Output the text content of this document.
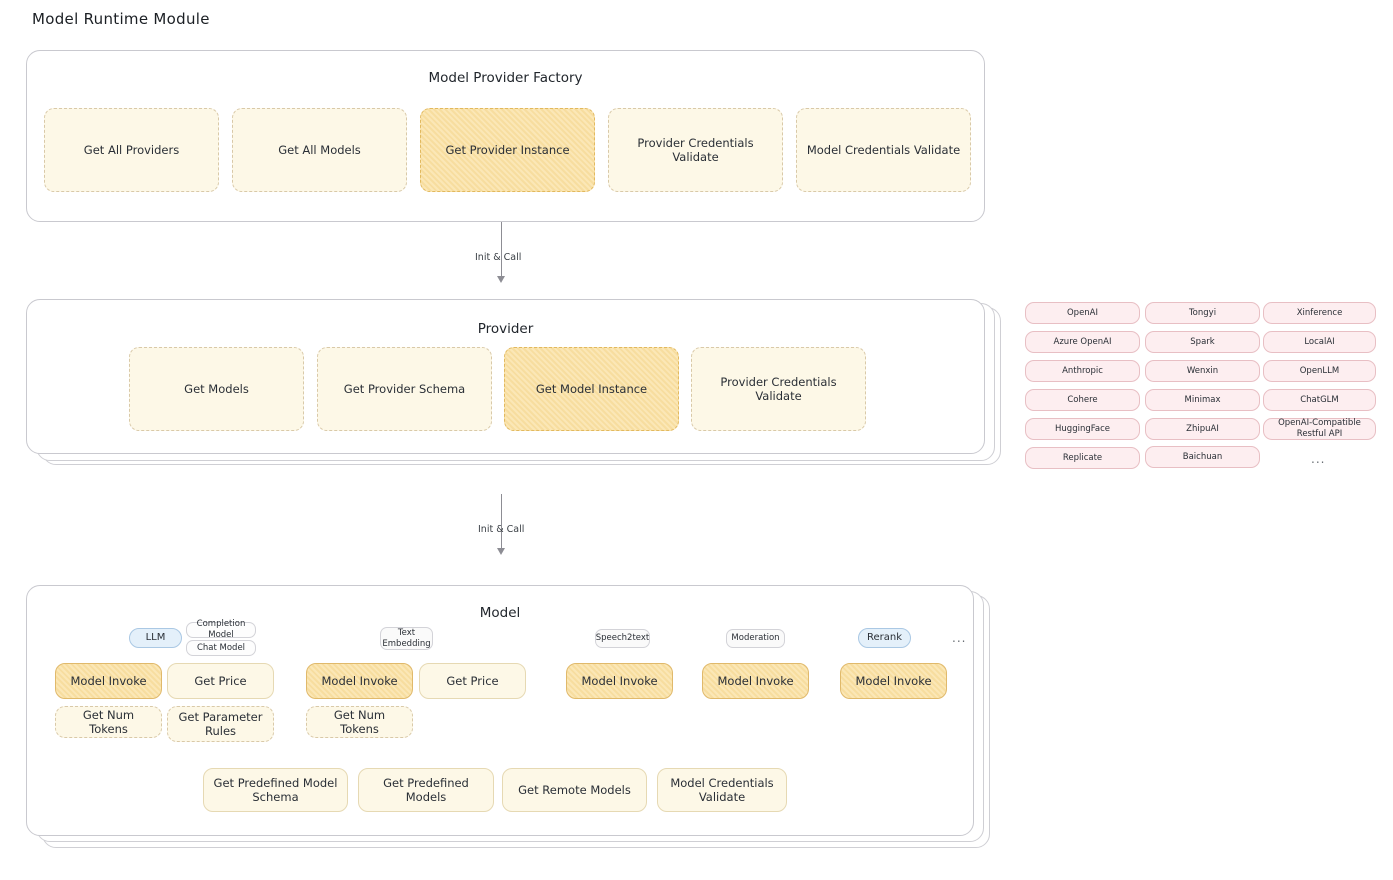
Model Runtime Module
Model Provider Factory
Get All Providers	Get All Models	Get Provider Instance
Provider Credentials Validate
Model Credentials Validate
Init & Call
Provider
Get Models	Get Provider Schema	Get Model Instance
Provider Credentials Validate
OpenAI
Azure OpenAI
Anthropic
Cohere
HuggingFace
Replicate
Tongyi
Spark
Wenxin
Minimax
ZhipuAI
Baichuan
Xinference
LocalAI
OpenLLM
ChatGLM
OpenAI-Compatible Restful API
...
Init & Call
Model
LLM
Completion Model
Chat Model
Text Embedding
Speech2text	Moderation	Rerank	...
Model Invoke	Get Price
Get Num Tokens
Get Parameter Rules
Model Invoke	Get Price
Get Num Tokens
Model Invoke	Model Invoke	Model Invoke
Get Predefined Model Schema
Get Predefined Models
Get Remote Models
Model Credentials Validate
